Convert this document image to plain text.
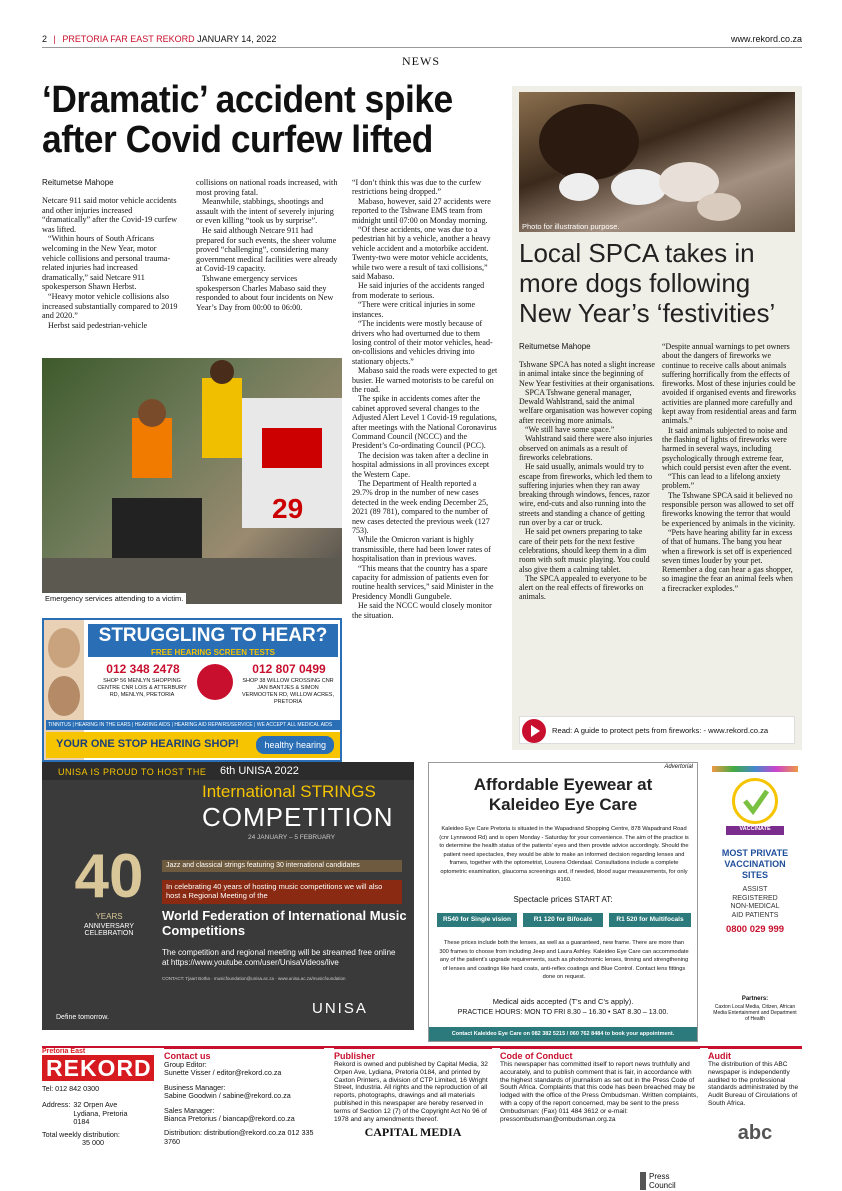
2 | PRETORIA FAR EAST REKORD JANUARY 14, 2022	www.rekord.co.za
NEWS
‘Dramatic’ accident spike
after Covid curfew lifted
Reitumetse Mahope

Netcare 911 said motor vehicle accidents and other injuries increased “dramatically” after the Covid-19 curfew was lifted.

“Within hours of South Africans welcoming in the New Year, motor vehicle collisions and personal trauma-related injuries had increased dramatically,” said Netcare 911 spokesperson Shawn Herbst.

“Heavy motor vehicle collisions also increased substantially compared to 2019 and 2020.”

Herbst said pedestrian-vehicle

collisions on national roads increased, with most proving fatal.

Meanwhile, stabbings, shootings and assault with the intent of severely injuring or even killing “took us by surprise”.

He said although Netcare 911 had prepared for such events, the sheer volume proved “challenging”, considering many government medical facilities were already at Covid-19 capacity.

Tshwane emergency services spokesperson Charles Mabaso said they responded to about four incidents on New Year’s Day from 00:00 to 06:00.

“I don’t think this was due to the curfew restrictions being dropped.”

Mabaso, however, said 27 accidents were reported to the Tshwane EMS team from midnight until 07:00 on Monday morning.

“Of these accidents, one was due to a pedestrian hit by a vehicle, another a heavy vehicle accident and a motorbike accident. Twenty-two were motor vehicle accidents, while two were a result of taxi collisions,” said Mabaso.

He said injuries of the accidents ranged from moderate to serious.

“There were critical injuries in some instances.

“The incidents were mostly because of drivers who had overturned due to them losing control of their motor vehicles, head-on-collisions and vehicles driving into stationary objects.”

Mabaso said the roads were expected to get busier. He warned motorists to be careful on the road.

The spike in accidents comes after the cabinet approved several changes to the Adjusted Alert Level 1 Covid-19 regulations, after meetings with the National Coronavirus Command Council (NCCC) and the President’s Co-ordinating Council (PCC).

The decision was taken after a decline in hospital admissions in all provinces except the Western Cape.

The Department of Health reported a 29.7% drop in the number of new cases detected in the week ending December 25, 2021 (89 781), compared to the number of new cases detected the previous week (127 753).

While the Omicron variant is highly transmissible, there had been lower rates of hospitalisation than in previous waves.

“This means that the country has a spare capacity for admission of patients even for routine health services,” said Minister in the Presidency Mondli Gungubele.

He said the NCCC would closely monitor the situation.

29
Emergency services attending to a victim.
STRUGGLING TO HEAR?
FREE HEARING SCREEN TESTS
012 348 2478	012 807 0499
SHOP 56 MENLYN SHOPPING CENTRE CNR LOIS & ATTERBURY RD, MENLYN, PRETORIA
SHOP 38 WILLOW CROSSING CNR JAN BANTJES & SIMON VERMOOTEN RD, WILLOW ACRES, PRETORIA
TINNITUS | HEARING IN THE EARS | HEARING AIDS | HEARING AID REPAIRS/SERVICE | WE ACCEPT ALL MEDICAL AIDS
YOUR ONE STOP HEARING SHOP!	healthy hearing
Photo for illustration purpose.
Local SPCA takes in
more dogs following
New Year’s ‘festivities’
Reitumetse Mahope

Tshwane SPCA has noted a slight increase in animal intake since the beginning of New Year festivities at their organisations.

SPCA Tshwane general manager, Dewald Wahlstrand, said the animal welfare organisation was however coping after receiving more animals.

“We still have some space.”

Wahlstrand said there were also injuries observed on animals as a result of fireworks celebrations.

He said usually, animals would try to escape from fireworks, which led them to suffering injuries when they ran away breaking through windows, fences, razor wire, end-cuts and also running into the streets and standing a chance of getting run over by a car or truck.

He said pet owners preparing to take care of their pets for the next festive celebrations, should keep them in a dim room with soft music playing. You could also give them a calming tablet.

The SPCA appealed to everyone to be alert on the real effects of fireworks on animals.

“Despite annual warnings to pet owners about the dangers of fireworks we continue to receive calls about animals suffering horrifically from the effects of fireworks. Most of these injuries could be avoided if organised events and fireworks activities are planned more carefully and kept away from residential areas and farm animals.”

It said animals subjected to noise and the flashing of lights of fireworks were harmed in several ways, including psychologically through extreme fear, which could persist even after the event.

“This can lead to a lifelong anxiety problem.”

The Tshwane SPCA said it believed no responsible person was allowed to set off fireworks knowing the terror that would be experienced by animals in the vicinity.

“Pets have hearing ability far in excess of that of humans. The bang you hear when a firework is set off is experienced seven times louder by your pet. Remember a dog can hear a gas shopper, so imagine the fear an animal feels when a firecracker explodes.”

Read: A guide to protect pets from fireworks: - www.rekord.co.za
UNISA IS PROUD TO HOST THE 6th UNISA 2022
International STRINGS
COMPETITION
24 JANUARY – 5 FEBRUARY
40
YEARS
ANNIVERSARY CELEBRATION
Jazz and classical strings featuring 30 international candidates
In celebrating 40 years of hosting music competitions we will also host a Regional Meeting of the
World Federation of International Music Competitions
The competition and regional meeting will be streamed free online at https://www.youtube.com/user/UnisaVideos/live
CONTACT: Tjaart Botha · musicfoundation@unisa.ac.za · www.unisa.ac.za/musicfoundation
UNISA
Define tomorrow.
Advertorial
Affordable Eyewear at
Kaleideo Eye Care
Kaleideo Eye Care Pretoria is situated in the Wapadrand Shopping Centre, 878 Wapadrand Road (cnr Lynnwood Rd) and is open Monday - Saturday for your convenience. The aim of the practice is to determine the health status of the patients’ eyes and then provide advice accordingly. Should the patient need spectacles, they would be able to make an informed decision regarding lenses and frames, together with the optometrist, Lourens Odendaal. Consultations include a complete optometric examination, glaucoma screenings and, if needed, blood sugar measurements, for only R160.
Spectacle prices START AT:
R540 for Single vision	R1 120 for Bifocals	R1 520 for Multifocals
These prices include both the lenses, as well as a guaranteed, new frame. There are more than 300 frames to choose from including Jeep and Laura Ashley. Kaleideo Eye Care can accommodate any of the patient’s upgrade requirements, such as photochromic lenses, tinning and strengthening of lenses and coatings like hard coats, anti-reflex coatings and Blue Control. Contact lens fittings done on request.
Medical aids accepted (T’s and C’s apply).
PRACTICE HOURS: MON TO FRI 8.30 – 16.30 • SAT 8.30 – 13.00.
Contact Kaleideo Eye Care on 082 382 5215 / 060 762 8484 to book your appointment.
VACCINATE
MOST PRIVATE
VACCINATION
SITES
ASSIST
REGISTERED
NON-MEDICAL
AID PATIENTS
0800 029 999
Partners:
Caxton Local Media, Citizen, African Media Entertainment and Department of Health
Pretoria East
REKORD
Tel: 012 842 0300
Address: 32 Orpen Ave Lydiana, Pretoria 0184
Total weekly distribution:
35 000
Contact us
Group Editor:
Sunette Visser / editor@rekord.co.za
Business Manager:
Sabine Goodwin / sabine@rekord.co.za
Sales Manager:
Bianca Pretorius / biancap@rekord.co.za
Distribution: distribution@rekord.co.za 012 335 3760
Publisher
Rekord is owned and published by Capital Media, 32 Orpen Ave, Lydiana, Pretoria 0184, and printed by Caxton Printers, a division of CTP Limited, 16 Wright Street, Industria. All rights and the reproduction of all reports, photographs, drawings and all materials published in this newspaper are hereby reserved in terms of Section 12 (7) of the Copyright Act No 96 of 1978 and any amendments thereof.
CAPITAL MEDIA
Code of Conduct
This newspaper has committed itself to report news truthfully and accurately, and to publish comment that is fair, in accordance with the highest standards of journalism as set out in the Press Code of South Africa. Complaints that this code has been breached may be lodged with the office of the Press Ombudsman. Written complaints, with a copy of the report concerned, may be sent to the press Ombudsman: (Fax) 011 484 3612 or e-mail: pressombudsman@ombudsman.org.za
Press Council
Audit
The distribution of this ABC newspaper is independently audited to the professional standards administrated by the Audit Bureau of Circulations of South Africa.
abc
